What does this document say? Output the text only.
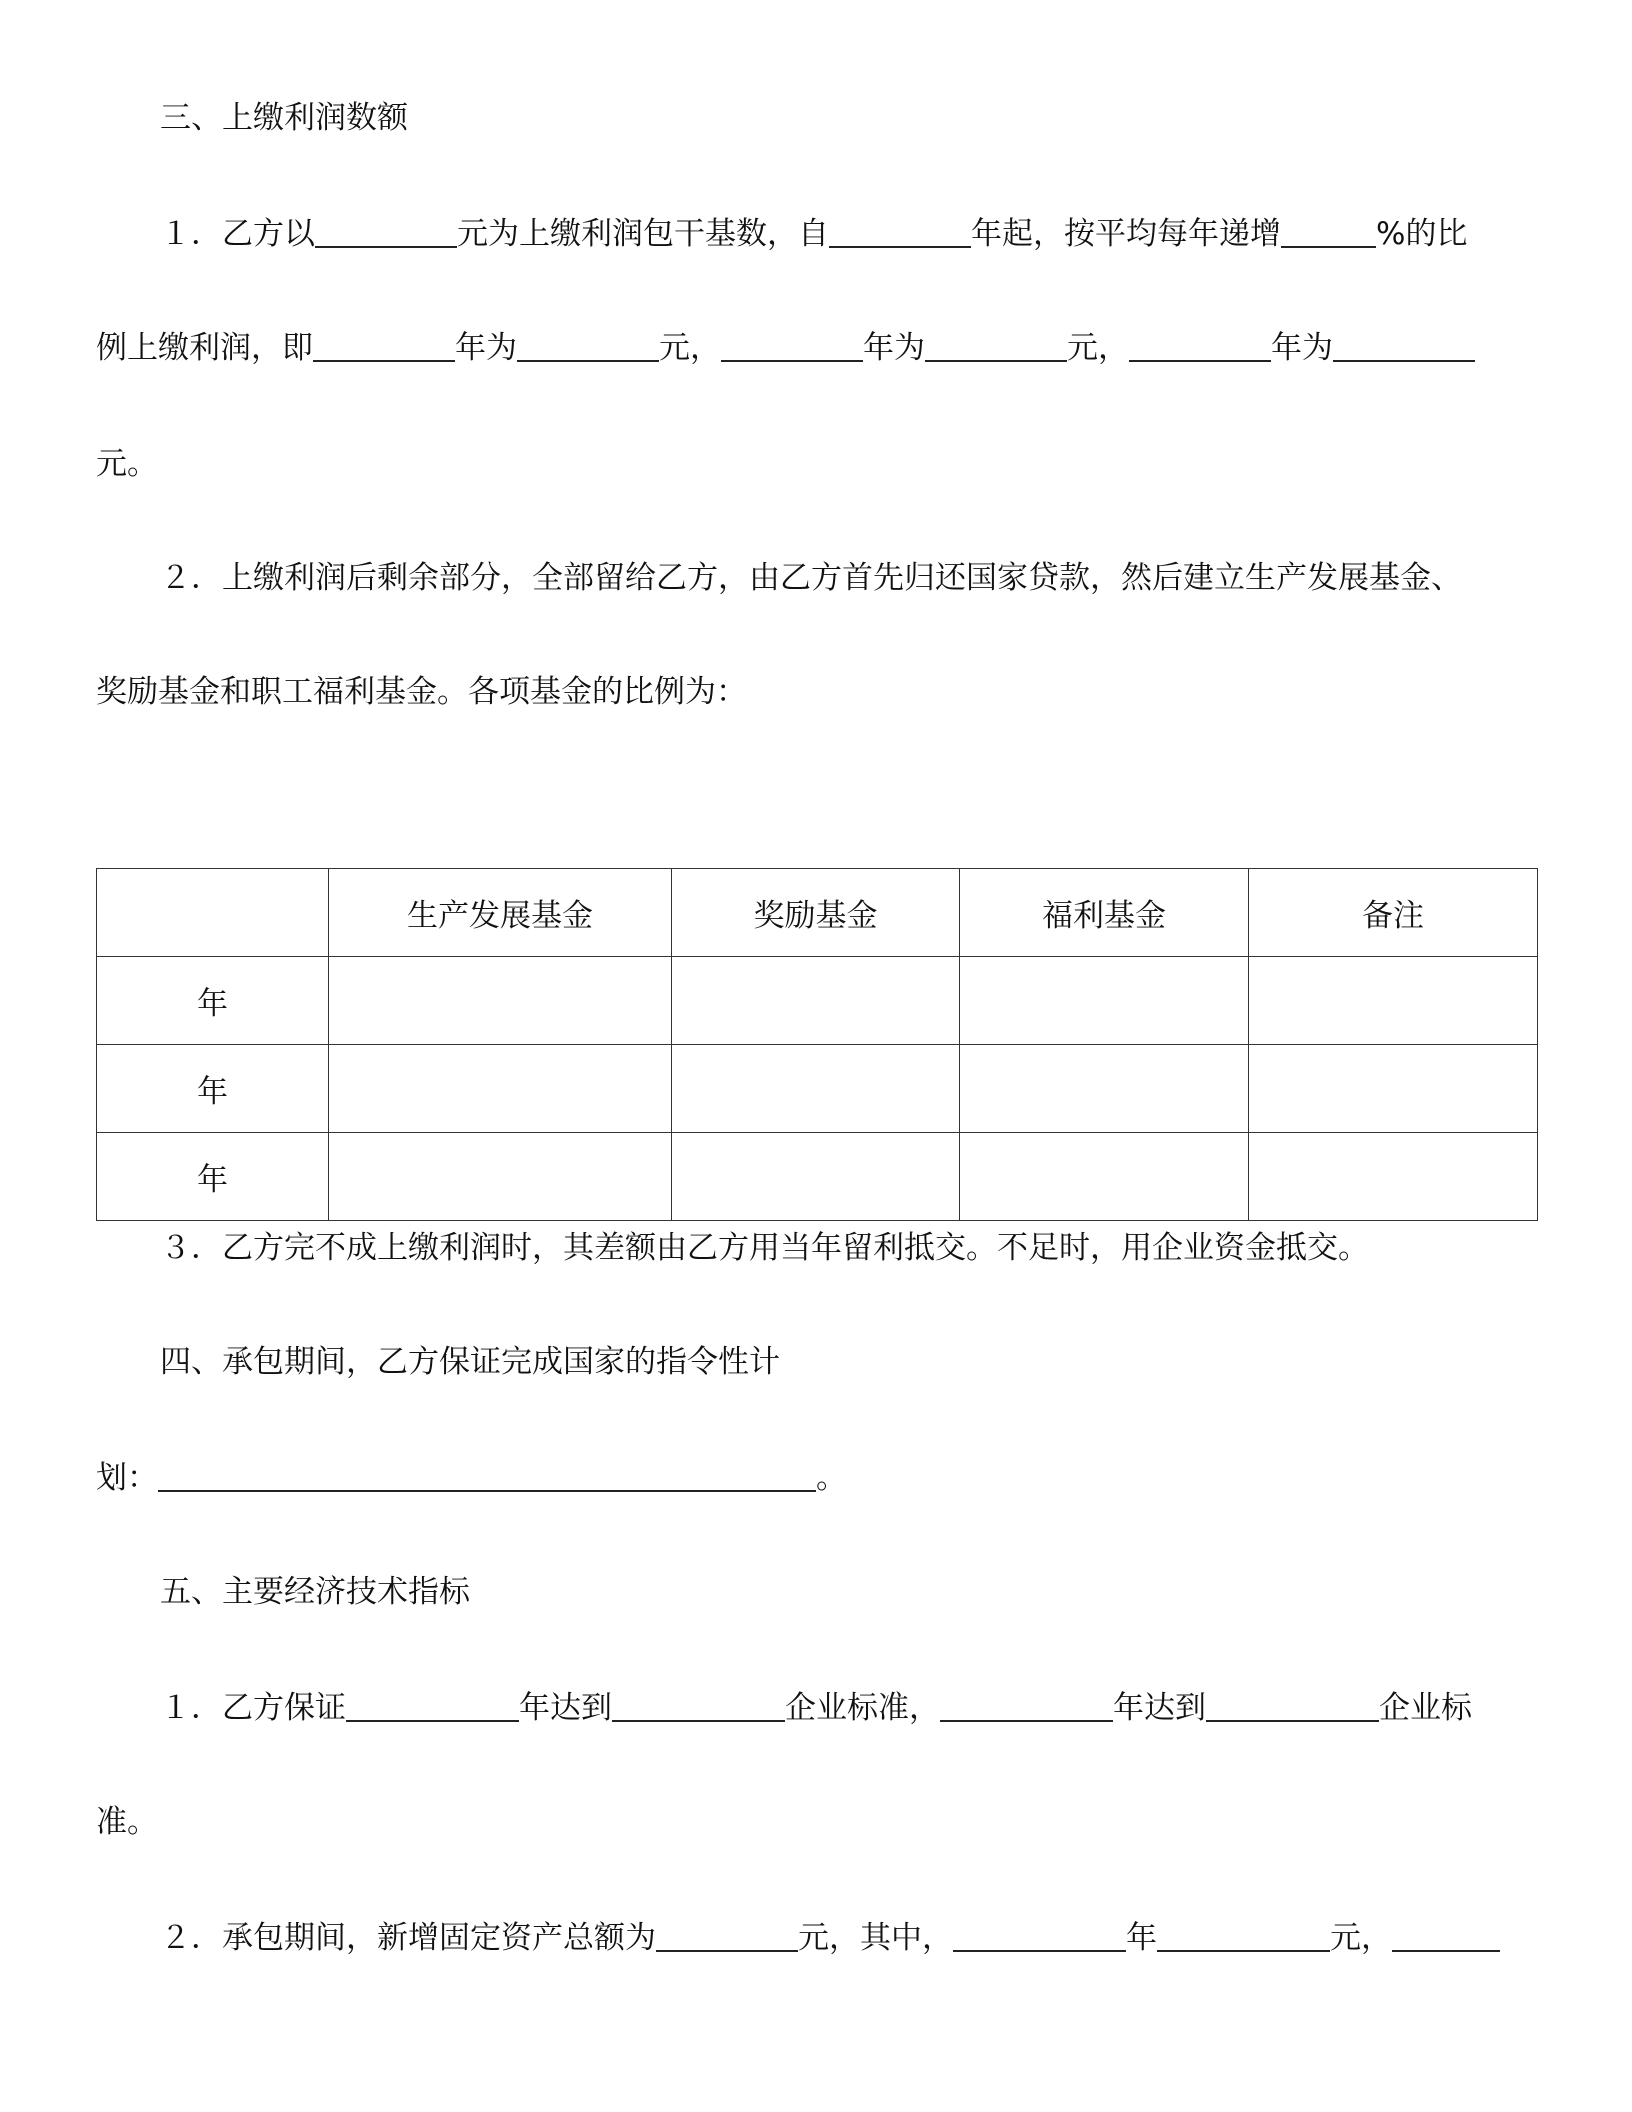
三、上缴利润数额
１．乙方以	元为上缴利润包干基数，自	年起，按平均每年递增	%的比
例上缴利润，即	年为	元，	年为	元，	年为
元。
２．上缴利润后剩余部分，全部留给乙方，由乙方首先归还国家贷款，然后建立生产发展基金、
奖励基金和职工福利基金。各项基金的比例为：
	生产发展基金	奖励基金	福利基金	备注
年				
年				
年				
３．乙方完不成上缴利润时，其差额由乙方用当年留利抵交。不足时，用企业资金抵交。
四、承包期间，乙方保证完成国家的指令性计
划：	。
五、主要经济技术指标
１．乙方保证	年达到	企业标准，	年达到	企业标
准。
２．承包期间，新增固定资产总额为	元，其中，	年	元，
